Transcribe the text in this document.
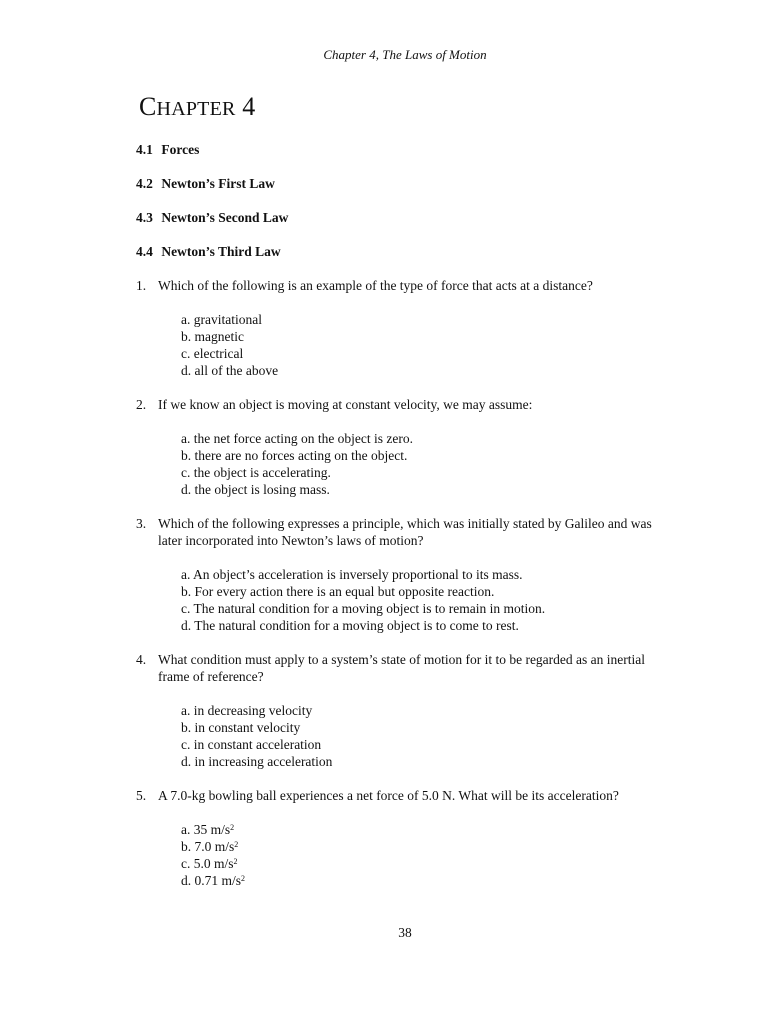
Chapter 4, The Laws of Motion
CHAPTER 4
4.1 Forces
4.2 Newton’s First Law
4.3 Newton’s Second Law
4.4 Newton’s Third Law
1. Which of the following is an example of the type of force that acts at a distance?
a. gravitational
b. magnetic
c. electrical
d. all of the above
2. If we know an object is moving at constant velocity, we may assume:
a. the net force acting on the object is zero.
b. there are no forces acting on the object.
c. the object is accelerating.
d. the object is losing mass.
3. Which of the following expresses a principle, which was initially stated by Galileo and was later incorporated into Newton’s laws of motion?
a. An object’s acceleration is inversely proportional to its mass.
b. For every action there is an equal but opposite reaction.
c. The natural condition for a moving object is to remain in motion.
d. The natural condition for a moving object is to come to rest.
4. What condition must apply to a system’s state of motion for it to be regarded as an inertial frame of reference?
a. in decreasing velocity
b. in constant velocity
c. in constant acceleration
d. in increasing acceleration
5. A 7.0-kg bowling ball experiences a net force of 5.0 N. What will be its acceleration?
a. 35 $m/s^2$
b. 7.0 $m/s^2$
c. 5.0 $m/s^2$
d. 0.71 $m/s^2$
38
